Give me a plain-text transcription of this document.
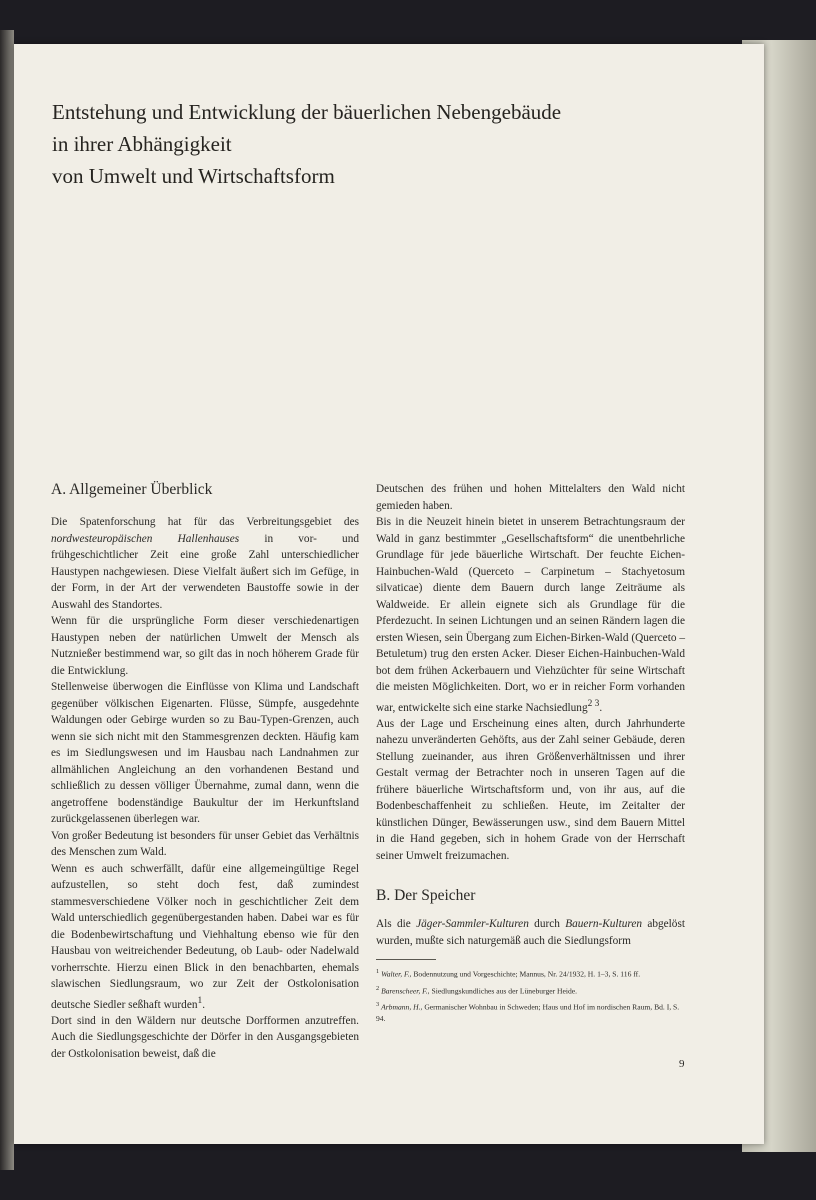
Entstehung und Entwicklung der bäuerlichen Nebengebäude
in ihrer Abhängigkeit
von Umwelt und Wirtschaftsform
A. Allgemeiner Überblick

Die Spatenforschung hat für das Verbreitungsgebiet des nordwesteuropäischen Hallenhauses in vor- und frühgeschichtlicher Zeit eine große Zahl unterschiedlicher Haustypen nachgewiesen. Diese Vielfalt äußert sich im Gefüge, in der Form, in der Art der verwendeten Baustoffe sowie in der Auswahl des Standortes.

Wenn für die ursprüngliche Form dieser verschiedenartigen Haustypen neben der natürlichen Umwelt der Mensch als Nutznießer bestimmend war, so gilt das in noch höherem Grade für die Entwicklung.

Stellenweise überwogen die Einflüsse von Klima und Landschaft gegenüber völkischen Eigenarten. Flüsse, Sümpfe, ausgedehnte Waldungen oder Gebirge wurden so zu Bau-Typen-Grenzen, auch wenn sie sich nicht mit den Stammesgrenzen deckten. Häufig kam es im Siedlungswesen und im Hausbau nach Landnahmen zur allmählichen Angleichung an den vorhandenen Bestand und schließlich zu dessen völliger Übernahme, zumal dann, wenn die angetroffene bodenständige Baukultur der im Herkunftsland zurückgelassenen überlegen war.

Von großer Bedeutung ist besonders für unser Gebiet das Verhältnis des Menschen zum Wald.

Wenn es auch schwerfällt, dafür eine allgemeingültige Regel aufzustellen, so steht doch fest, daß zumindest stammesverschiedene Völker noch in geschichtlicher Zeit dem Wald unterschiedlich gegenübergestanden haben. Dabei war es für die Bodenbewirtschaftung und Viehhaltung ebenso wie für den Hausbau von weitreichender Bedeutung, ob Laub- oder Nadelwald vorherrschte. Hierzu einen Blick in den benachbarten, ehemals slawischen Siedlungsraum, wo zur Zeit der Ostkolonisation deutsche Siedler seßhaft wurden$^1$.

Dort sind in den Wäldern nur deutsche Dorfformen anzutreffen. Auch die Siedlungsgeschichte der Dörfer in den Ausgangsgebieten der Ostkolonisation beweist, daß die

Deutschen des frühen und hohen Mittelalters den Wald nicht gemieden haben.

Bis in die Neuzeit hinein bietet in unserem Betrachtungsraum der Wald in ganz bestimmter „Gesellschaftsform“ die unentbehrliche Grundlage für jede bäuerliche Wirtschaft. Der feuchte Eichen-Hainbuchen-Wald (Querceto – Carpinetum – Stachyetosum silvaticae) diente dem Bauern durch lange Zeiträume als Waldweide. Er allein eignete sich als Grundlage für die Pferdezucht. In seinen Lichtungen und an seinen Rändern lagen die ersten Wiesen, sein Übergang zum Eichen-Birken-Wald (Querceto – Betuletum) trug den ersten Acker. Dieser Eichen-Hainbuchen-Wald bot dem frühen Ackerbauern und Viehzüchter für seine Wirtschaft die meisten Möglichkeiten. Dort, wo er in reicher Form vorhanden war, entwickelte sich eine starke Nachsiedlung$^{2 3}$.

Aus der Lage und Erscheinung eines alten, durch Jahrhunderte nahezu unveränderten Gehöfts, aus der Zahl seiner Gebäude, deren Stellung zueinander, aus ihren Größenverhältnissen und ihrer Gestalt vermag der Betrachter noch in unseren Tagen auf die frühere bäuerliche Wirtschaftsform und, von ihr aus, auf die Bodenbeschaffenheit zu schließen. Heute, im Zeitalter der künstlichen Dünger, Bewässerungen usw., sind dem Bauern Mittel in die Hand gegeben, sich in hohem Grade von der Herrschaft seiner Umwelt freizumachen.

B. Der Speicher

Als die Jäger-Sammler-Kulturen durch Bauern-Kulturen abgelöst wurden, mußte sich naturgemäß auch die Siedlungsform

$^1$ Walter, F., Bodennutzung und Vorgeschichte; Mannus, Nr. 24/1932, H. 1–3, S. 116 ff.

$^2$ Barenscheer, F., Siedlungskundliches aus der Lüneburger Heide.

$^3$ Arbmann, H., Germanischer Wohnbau in Schweden; Haus und Hof im nordischen Raum, Bd. I, S. 94.

9
